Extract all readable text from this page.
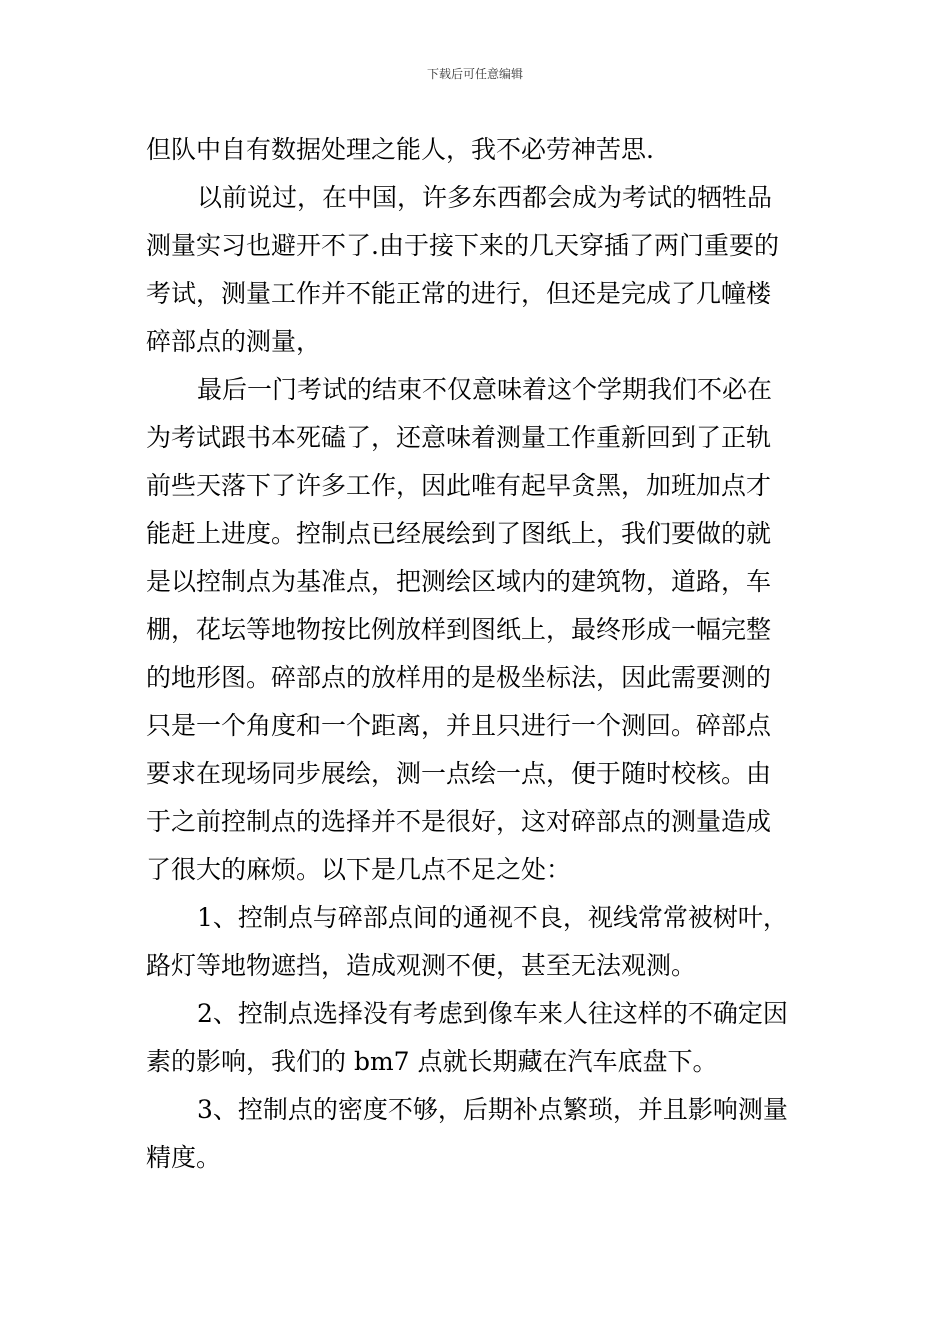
下载后可任意编辑
但队中自有数据处理之能人，我不必劳神苦思.
以前说过，在中国，许多东西都会成为考试的牺牲品
测量实习也避开不了.由于接下来的几天穿插了两门重要的
考试，测量工作并不能正常的进行，但还是完成了几幢楼
碎部点的测量，
最后一门考试的结束不仅意味着这个学期我们不必在
为考试跟书本死磕了，还意味着测量工作重新回到了正轨
前些天落下了许多工作，因此唯有起早贪黑，加班加点才
能赶上进度。控制点已经展绘到了图纸上，我们要做的就
是以控制点为基准点，把测绘区域内的建筑物，道路，车
棚，花坛等地物按比例放样到图纸上，最终形成一幅完整
的地形图。碎部点的放样用的是极坐标法，因此需要测的
只是一个角度和一个距离，并且只进行一个测回。碎部点
要求在现场同步展绘，测一点绘一点，便于随时校核。由
于之前控制点的选择并不是很好，这对碎部点的测量造成
了很大的麻烦。以下是几点不足之处：
1、控制点与碎部点间的通视不良，视线常常被树叶，
路灯等地物遮挡，造成观测不便，甚至无法观测。
2、控制点选择没有考虑到像车来人往这样的不确定因
素的影响，我们的 bm7 点就长期藏在汽车底盘下。
3、控制点的密度不够，后期补点繁琐，并且影响测量
精度。
